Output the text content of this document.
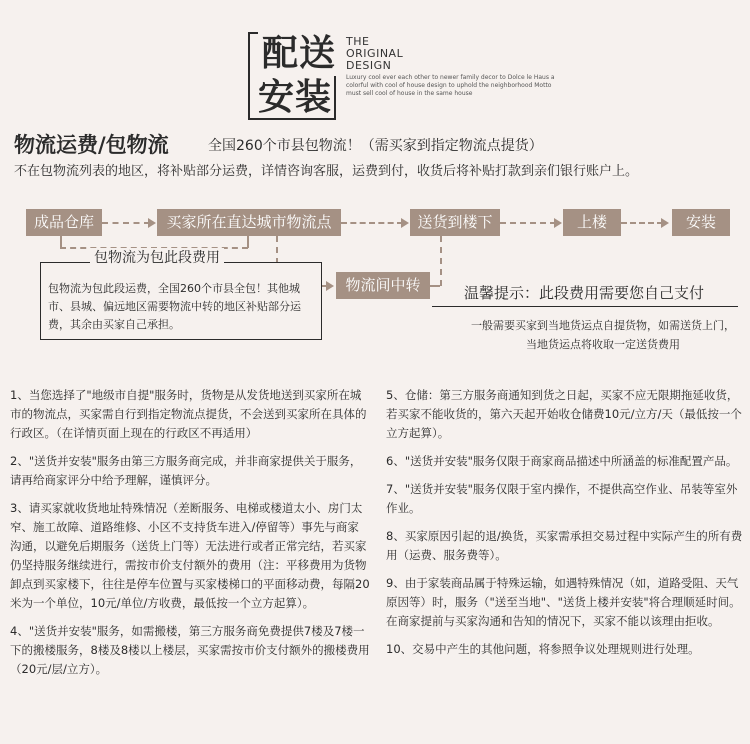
配送
安装
THE
ORIGINAL
DESIGN
Luxury cool ever each other to newer family decor to Dolce le Haus a colorful with cool of house design to uphold the neighborhood Motto must sell cool of house in the same house
物流运费/包物流	全国260个市县包物流！（需买家到指定物流点提货）
不在包物流列表的地区，将补贴部分运费，详情咨询客服，运费到付，收货后将补贴打款到亲们银行账户上。
成品仓库	买家所在直达城市物流点	送货到楼下	上楼	安装
物流间中转
包物流为包此段费用
包物流为包此段运费，全国260个市县全包！其他城市、县城、偏远地区需要物流中转的地区补贴部分运费，其余由买家自己承担。
温馨提示：此段费用需要您自己支付
一般需要买家到当地货运点自提货物，如需送货上门，当地货运点将收取一定送货费用

1、当您选择了"地级市自提"服务时，货物是从发货地送到买家所在城市的物流点，买家需自行到指定物流点提货，不会送到买家所在具体的行政区。（在详情页面上现在的行政区不再适用）

2、"送货并安装"服务由第三方服务商完成，并非商家提供关于服务，请再给商家评分中给予理解，谨慎评分。

3、请买家就收货地址特殊情况（差断服务、电梯或楼道太小、房门太窄、施工故障、道路维修、小区不支持货车进入/停留等）事先与商家沟通，以避免后期服务（送货上门等）无法进行或者正常完结，若买家仍坚持服务继续进行，需按市价支付额外的费用（注：平移费用为货物卸点到买家楼下，往往是停车位置与买家楼梯口的平面移动费，每隔20米为一个单位，10元/单位/方收费，最低按一个立方起算）。

4、"送货并安装"服务，如需搬楼，第三方服务商免费提供7楼及7楼一下的搬楼服务，8楼及8楼以上楼层，买家需按市价支付额外的搬楼费用（20元/层/立方）。

5、仓储：第三方服务商通知到货之日起，买家不应无限期拖延收货，若买家不能收货的，第六天起开始收仓储费10元/立方/天（最低按一个立方起算）。

6、"送货并安装"服务仅限于商家商品描述中所涵盖的标准配置产品。

7、"送货并安装"服务仅限于室内操作，不提供高空作业、吊装等室外作业。

8、买家原因引起的退/换货，买家需承担交易过程中实际产生的所有费用（运费、服务费等）。

9、由于家装商品属于特殊运输，如遇特殊情况（如，道路受阻、天气原因等）时，服务（"送至当地"、"送货上楼并安装"将合理顺延时间。在商家提前与买家沟通和告知的情况下，买家不能以该理由拒收。

10、交易中产生的其他问题，将参照争议处理规则进行处理。
